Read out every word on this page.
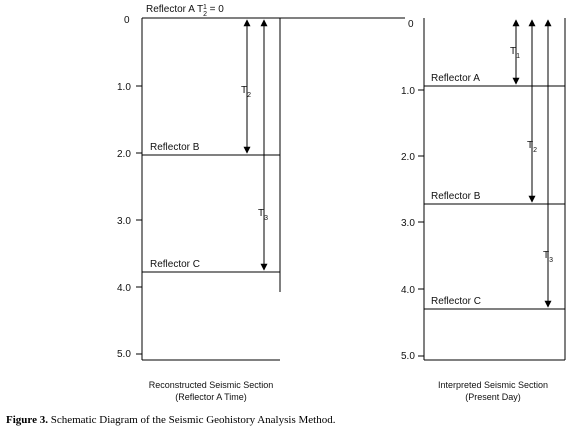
0
1.0
2.0
3.0
4.0
5.0
Reflector A $T_2^1 = 0$
Reflector B
Reflector C
$T_2$
$T_3$
Reconstructed Seismic Section
(Reflector A Time)
0
1.0
2.0
3.0
4.0
5.0
Reflector A
Reflector B
Reflector C
$T_1$
$T_2$
$T_3$
Interpreted Seismic Section
(Present Day)
Figure 3. Schematic Diagram of the Seismic Geohistory Analysis Method.
